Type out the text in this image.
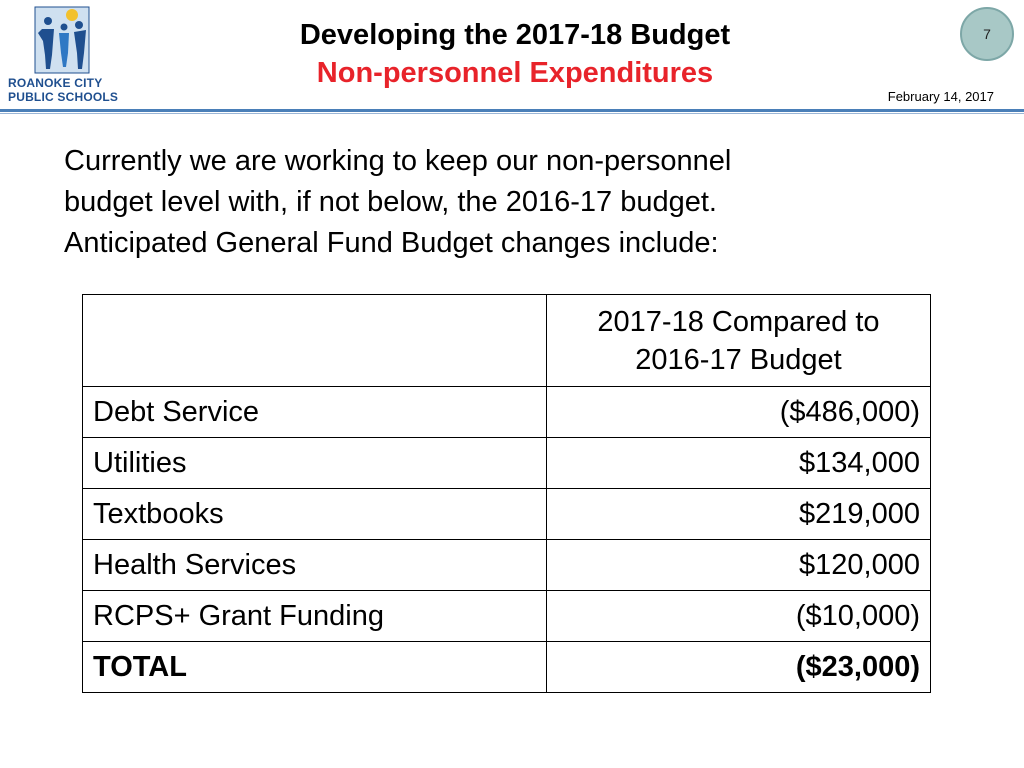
ROANOKE CITY
PUBLIC SCHOOLS
Developing the 2017-18 Budget
Non-personnel Expenditures
7
February 14, 2017
Currently we are working to keep our non-personnel
budget level with, if not below, the 2016-17 budget.
Anticipated General Fund Budget changes include:

	2017-18 Compared to
2016-17 Budget

Debt Service	($486,000)
Utilities	$134,000
Textbooks	$219,000
Health Services	$120,000
RCPS+ Grant Funding	($10,000)
TOTAL	($23,000)
